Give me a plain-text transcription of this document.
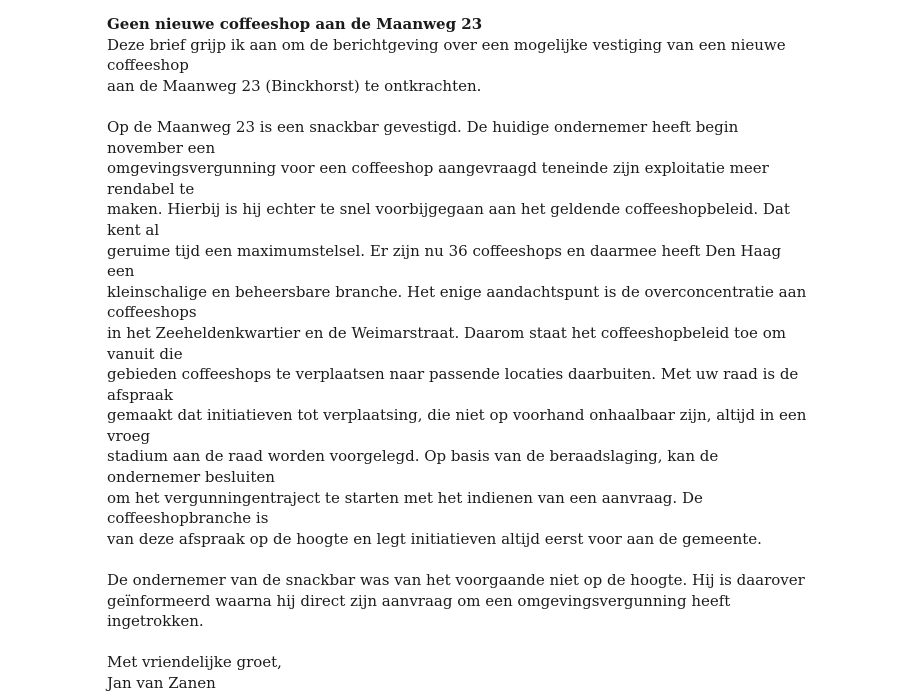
Geen nieuwe coffeeshop aan de Maanweg 23

Deze brief grijp ik aan om de berichtgeving over een mogelijke vestiging van een nieuwe coffeeshop

aan de Maanweg 23 (Binckhorst) te ontkrachten.

Op de Maanweg 23 is een snackbar gevestigd. De huidige ondernemer heeft begin november een

omgevingsvergunning voor een coffeeshop aangevraagd teneinde zijn exploitatie meer rendabel te

maken. Hierbij is hij echter te snel voorbijgegaan aan het geldende coffeeshopbeleid. Dat kent al

geruime tijd een maximumstelsel. Er zijn nu 36 coffeeshops en daarmee heeft Den Haag een

kleinschalige en beheersbare branche. Het enige aandachtspunt is de overconcentratie aan coffeeshops

in het Zeeheldenkwartier en de Weimarstraat. Daarom staat het coffeeshopbeleid toe om vanuit die

gebieden coffeeshops te verplaatsen naar passende locaties daarbuiten. Met uw raad is de afspraak

gemaakt dat initiatieven tot verplaatsing, die niet op voorhand onhaalbaar zijn, altijd in een vroeg

stadium aan de raad worden voorgelegd. Op basis van de beraadslaging, kan de ondernemer besluiten

om het vergunningentraject te starten met het indienen van een aanvraag. De coffeeshopbranche is

van deze afspraak op de hoogte en legt initiatieven altijd eerst voor aan de gemeente.

De ondernemer van de snackbar was van het voorgaande niet op de hoogte. Hij is daarover

geïnformeerd waarna hij direct zijn aanvraag om een omgevingsvergunning heeft ingetrokken.

Met vriendelijke groet,

Jan van Zanen
